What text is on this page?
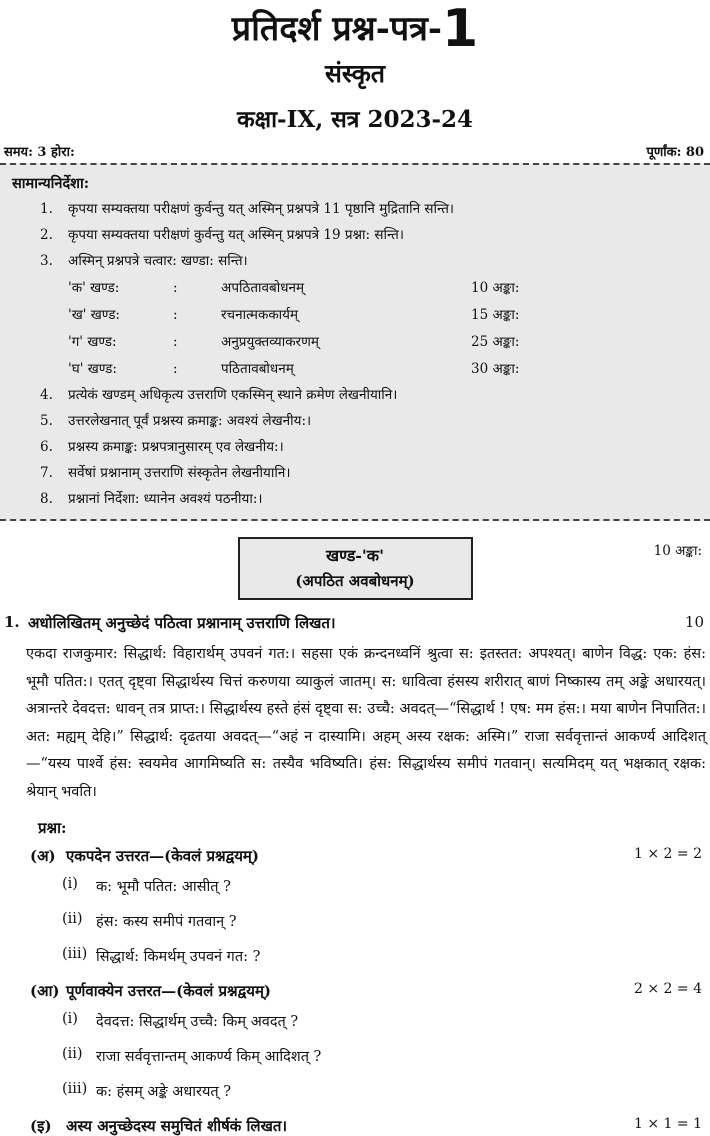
प्रतिदर्श प्रश्न-पत्र-1
संस्कृत
कक्षा-IX, सत्र 2023-24
समय: 3 होरा:	पूर्णांक: 80
सामान्यनिर्देशा:
1.	कृपया सम्यक्तया परीक्षणं कुर्वन्तु यत् अस्मिन् प्रश्नपत्रे 11 पृष्ठानि मुद्रितानि सन्ति।
2.	कृपया सम्यक्तया परीक्षणं कुर्वन्तु यत् अस्मिन् प्रश्नपत्रे 19 प्रश्ना: सन्ति।
3.	अस्मिन् प्रश्नपत्रे चत्वार: खण्डा: सन्ति।
'क' खण्ड:	:	अपठितावबोधनम्	10 अङ्का:
'ख' खण्ड:	:	रचनात्मककार्यम्	15 अङ्का:
'ग' खण्ड:	:	अनुप्रयुक्तव्याकरणम्	25 अङ्का:
'घ' खण्ड:	:	पठितावबोधनम्	30 अङ्का:
4.	प्रत्येकं खण्डम् अधिकृत्य उत्तराणि एकस्मिन् स्थाने क्रमेण लेखनीयानि।
5.	उत्तरलेखनात् पूर्वं प्रश्नस्य क्रमाङ्क: अवश्यं लेखनीय:।
6.	प्रश्नस्य क्रमाङ्क: प्रश्नपत्रानुसारम् एव लेखनीय:।
7.	सर्वेषां प्रश्नानाम् उत्तराणि संस्कृतेन लेखनीयानि।
8.	प्रश्नानां निर्देशा: ध्यानेन अवश्यं पठनीया:।
खण्ड-'क'
(अपठित अवबोधनम्)
10 अङ्का:
1. अधोलिखितम् अनुच्छेदं पठित्वा प्रश्नानाम् उत्तराणि लिखत।	10

एकदा राजकुमार: सिद्धार्थ: विहारार्थम् उपवनं गत:। सहसा एकं क्रन्दनध्वनिं श्रुत्वा स: इतस्तत: अपश्यत्। बाणेन विद्ध: एक: हंस: भूमौ पतित:। एतत् दृष्ट्वा सिद्धार्थस्य चित्तं करुणया व्याकुलं जातम्। स: धावित्वा हंसस्य शरीरात् बाणं निष्कास्य तम् अङ्के अधारयत्। अत्रान्तरे देवदत्त: धावन् तत्र प्राप्त:। सिद्धार्थस्य हस्ते हंसं दृष्ट्वा स: उच्चै: अवदत्—“सिद्धार्थ ! एष: मम हंस:। मया बाणेन निपातित:। अत: मह्यम् देहि।” सिद्धार्थ: दृढतया अवदत्—“अहं न दास्यामि। अहम् अस्य रक्षक: अस्मि।” राजा सर्ववृत्तान्तं आकर्ण्य आदिशत्—“यस्य पार्श्वे हंस: स्वयमेव आगमिष्यति स: तस्यैव भविष्यति। हंस: सिद्धार्थस्य समीपं गतवान्। सत्यमिदम् यत् भक्षकात् रक्षक: श्रेयान् भवति।

प्रश्ना:
(अ) एकपदेन उत्तरत—(केवलं प्रश्नद्वयम्)	1 × 2 = 2
(i)	क: भूमौ पतित: आसीत् ?
(ii) हंस: कस्य समीपं गतवान् ?
(iii) सिद्धार्थ: किमर्थम् उपवनं गत: ?
(आ) पूर्णवाक्येन उत्तरत—(केवलं प्रश्नद्वयम्)	2 × 2 = 4
(i)	देवदत्त: सिद्धार्थम् उच्चै: किम् अवदत् ?
(ii) राजा सर्ववृत्तान्तम् आकर्ण्य किम् आदिशत् ?
(iii) क: हंसम् अङ्के अधारयत् ?
(इ) अस्य अनुच्छेदस्य समुचितं शीर्षकं लिखत।	1 × 1 = 1
